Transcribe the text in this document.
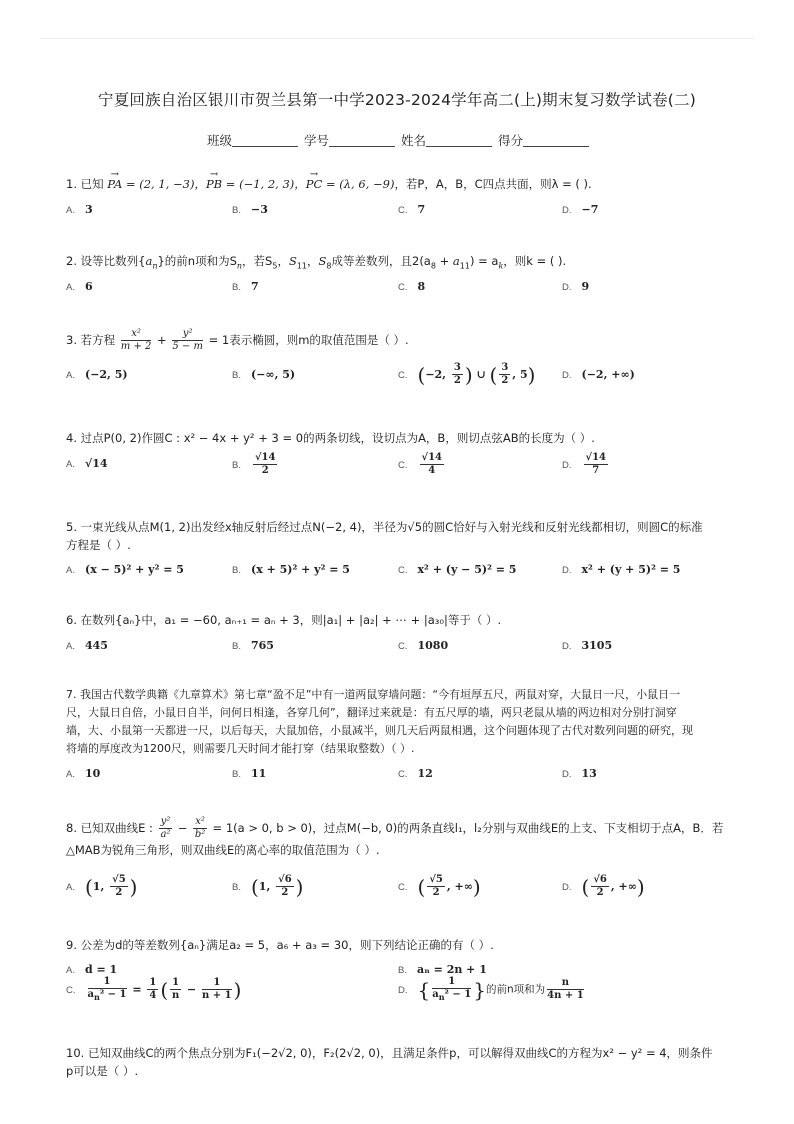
宁夏回族自治区银川市贺兰县第一中学2023-2024学年高二(上)期末复习数学试卷(二)
班级	学号	姓名	得分
1. 已知 → PA = (2, 1, −3)，→ PB = (−1, 2, 3)，→ PC = (λ, 6, −9)，若P，A，B，C四点共面，则λ = ( ).
A. 3	B. −3	C. 7	D. −7
2. 设等比数列$\{a_n\}$的前n项和为$S_n$，若$S_5$，$S_{11}$，$S_8$成等差数列，且$2(a_8 + a_{11}) = a_k$，则k = ( ).
A. 6	B. 7	C. 8	D. 9
3. 若方程 $\frac{\text{x²}}{m + 2} + \frac{\text{y²}}{5 - m} = 1$表示椭圆，则m的取值范围是（ ）.
A. (−2, 5)	B. (−∞, 5)	C. (−2, $\frac{3}{2}$ ) ∪ ( $\frac{3}{2}$ , 5)	D. (−2, +∞)
4. 过点P(0, 2)作圆C : x² − 4x + y² + 3 = 0的两条切线，设切点为A，B，则切点弦AB的长度为（ ）.
A. √14	B. $\frac{√14}{2}$	C. $\frac{√14}{4}$	D. $\frac{√14}{7}$
5. 一束光线从点M(1, 2)出发经x轴反射后经过点N(−2, 4)，半径为√5的圆C恰好与入射光线和反射光线都相切，则圆C的标准
方程是（ ）.
A. (x − 5)² + y² = 5	B. (x + 5)² + y² = 5	C. x² + (y − 5)² = 5	D. x² + (y + 5)² = 5
6. 在数列{aₙ}中，a₁ = −60, aₙ₊₁ = aₙ + 3，则|a₁| + |a₂| + ⋯ + |a₃₀|等于（ ）.
A. 445	B. 765	C. 1080	D. 3105
7. 我国古代数学典籍《九章算术》第七章“盈不足”中有一道两鼠穿墙问题：“今有垣厚五尺，两鼠对穿，大鼠日一尺，小鼠日一
尺，大鼠日自倍，小鼠日自半，问何日相逢，各穿几何”，翻译过来就是：有五尺厚的墙，两只老鼠从墙的两边相对分别打洞穿
墙，大、小鼠第一天都进一尺，以后每天，大鼠加倍，小鼠减半，则几天后两鼠相遇，这个问题体现了古代对数列问题的研究，现
将墙的厚度改为1200尺，则需要几天时间才能打穿（结果取整数）（ ）.
A. 10	B. 11	C. 12	D. 13
8. 已知双曲线E : $\frac{\text{y²}}{\text{a²}} - \frac{\text{x²}}{\text{b²}} = 1(a > 0$, b > 0)，过点M(−b, 0)的两条直线l₁，l₂分别与双曲线E的上支、下支相切于点A，B．若
△MAB为锐角三角形，则双曲线E的离心率的取值范围为（ ）.
A. (1, $\frac{√5}{2}$ )	B. (1, $\frac{√6}{2}$ )	C. ( $\frac{√5}{2}$ , +∞)	D. ( $\frac{√6}{2}$ , +∞)
9. 公差为d的等差数列{aₙ}满足a₂ = 5，a₆ + a₃ = 30，则下列结论正确的有（ ）.
A. d = 1	B. aₙ = 2n + 1
C. $\frac{1}{a_n^2 - 1} = \frac{1}{4}$ ( $\frac{1}{n} - \frac{1}{n + 1}$ )	D. { $\frac{1}{a_n^2 - 1}$ }的前n项和为 $\frac{n}{4n + 1}$
10. 已知双曲线C的两个焦点分别为F₁(−2√2, 0)，F₂(2√2, 0)，且满足条件p，可以解得双曲线C的方程为x² − y² = 4，则条件
p可以是（ ）.
